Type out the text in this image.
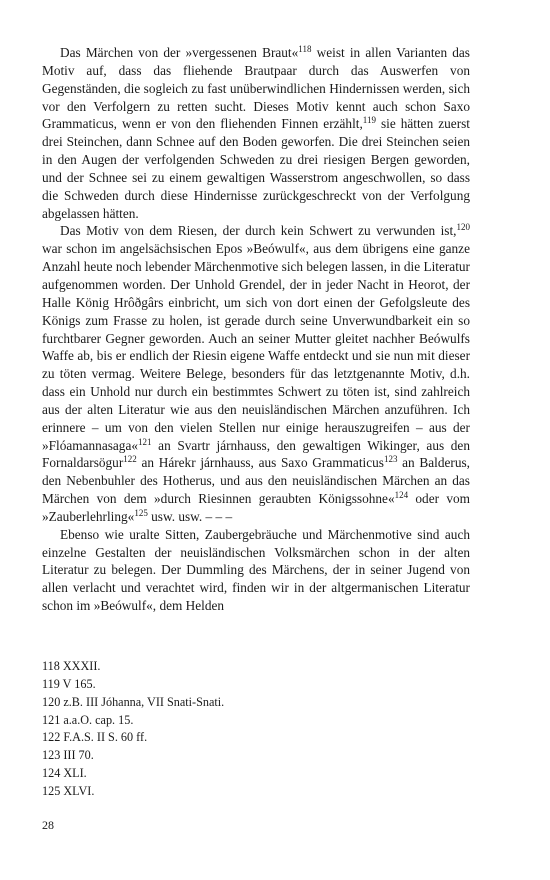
Das Märchen von der »vergessenen Braut«$^{118}$ weist in allen Varianten das Motiv auf, dass das fliehende Brautpaar durch das Auswerfen von Gegenständen, die sogleich zu fast unüberwindlichen Hindernissen werden, sich vor den Verfolgern zu retten sucht. Dieses Motiv kennt auch schon Saxo Grammaticus, wenn er von den fliehenden Finnen erzählt,$^{119}$ sie hätten zuerst drei Steinchen, dann Schnee auf den Boden geworfen. Die drei Steinchen seien in den Augen der verfolgenden Schweden zu drei riesigen Bergen geworden, und der Schnee sei zu einem gewaltigen Wasserstrom angeschwollen, so dass die Schweden durch diese Hindernisse zurückgeschreckt von der Verfolgung abgelassen hätten.

Das Motiv von dem Riesen, der durch kein Schwert zu verwunden ist,$^{120}$ war schon im angelsächsischen Epos »Beówulf«, aus dem übrigens eine ganze Anzahl heute noch lebender Märchenmotive sich belegen lassen, in die Literatur aufgenommen worden. Der Unhold Grendel, der in jeder Nacht in Heorot, der Halle König Hrôðgârs einbricht, um sich von dort einen der Gefolgsleute des Königs zum Frasse zu holen, ist gerade durch seine Unverwundbarkeit ein so furchtbarer Gegner geworden. Auch an seiner Mutter gleitet nachher Beówulfs Waffe ab, bis er endlich der Riesin eigene Waffe entdeckt und sie nun mit dieser zu töten vermag. Weitere Belege, besonders für das letztgenannte Motiv, d.h. dass ein Unhold nur durch ein bestimmtes Schwert zu töten ist, sind zahlreich aus der alten Literatur wie aus den neuisländischen Märchen anzuführen. Ich erinnere – um von den vielen Stellen nur einige herauszugreifen – aus der »Flóamannasaga«$^{121}$ an Svartr járnhauss, den gewaltigen Wikinger, aus den Fornaldarsögur$^{122}$ an Hárekr járnhauss, aus Saxo Grammaticus$^{123}$ an Balderus, den Nebenbuhler des Hotherus, und aus den neuisländischen Märchen an das Märchen von dem »durch Riesinnen geraubten Königssohne«$^{124}$ oder vom »Zauberlehrling«$^{125}$ usw. usw. – – –

Ebenso wie uralte Sitten, Zaubergebräuche und Märchenmotive sind auch einzelne Gestalten der neuisländischen Volksmärchen schon in der alten Literatur zu belegen. Der Dummling des Märchens, der in seiner Jugend von allen verlacht und verachtet wird, finden wir in der altgermanischen Literatur schon im »Beówulf«, dem Helden

118 XXXII.
119 V 165.
120 z.B. III Jóhanna, VII Snati-Snati.
121 a.a.O. cap. 15.
122 F.A.S. II S. 60 ff.
123 III 70.
124 XLI.
125 XLVI.
28
